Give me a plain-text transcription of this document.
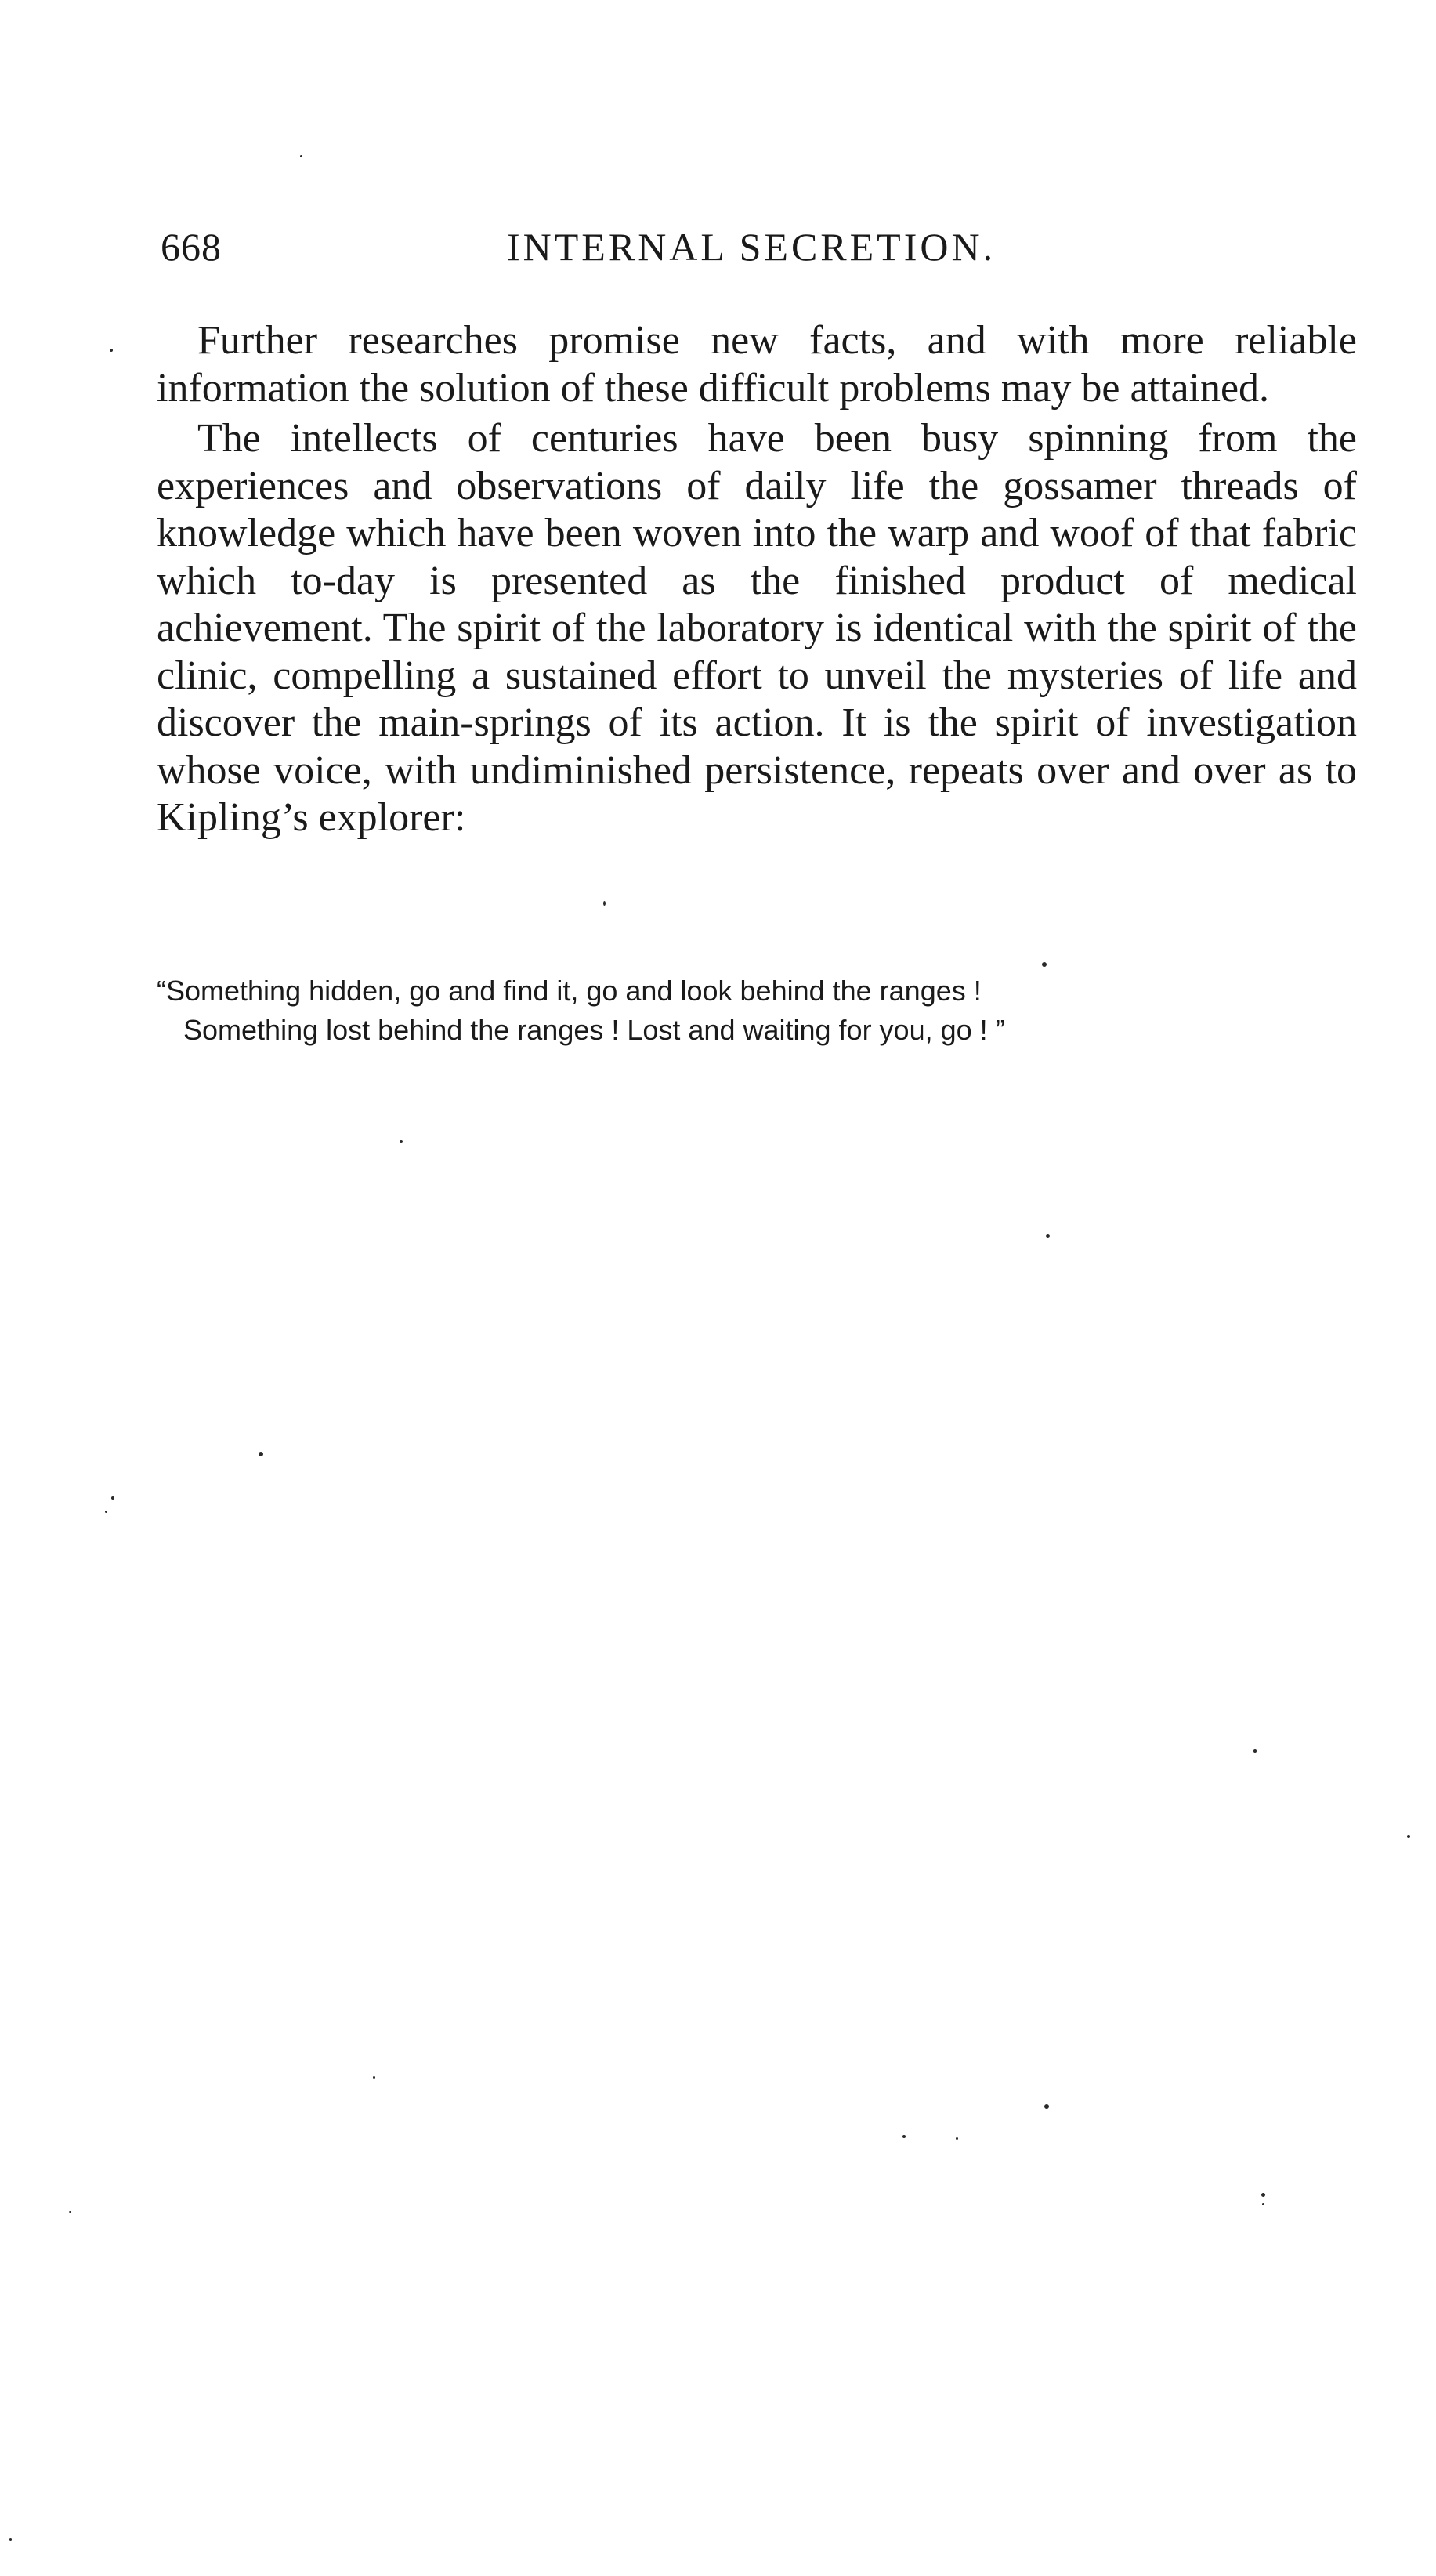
668	INTERNAL SECRETION.

Further researches promise new facts, and with more reliable information the solution of these difficult problems may be attained.

The intellects of centuries have been busy spinning from the experiences and observations of daily life the gossamer threads of knowledge which have been woven into the warp and woof of that fabric which to-day is presented as the finished product of medical achievement. The spirit of the laboratory is identical with the spirit of the clinic, compelling a sustained effort to unveil the mysteries of life and discover the main-springs of its action. It is the spirit of investigation whose voice, with undiminished persistence, repeats over and over as to Kipling’s explorer:

“Something hidden, go and find it, go and look behind the ranges !
Something lost behind the ranges ! Lost and waiting for you, go ! ”
